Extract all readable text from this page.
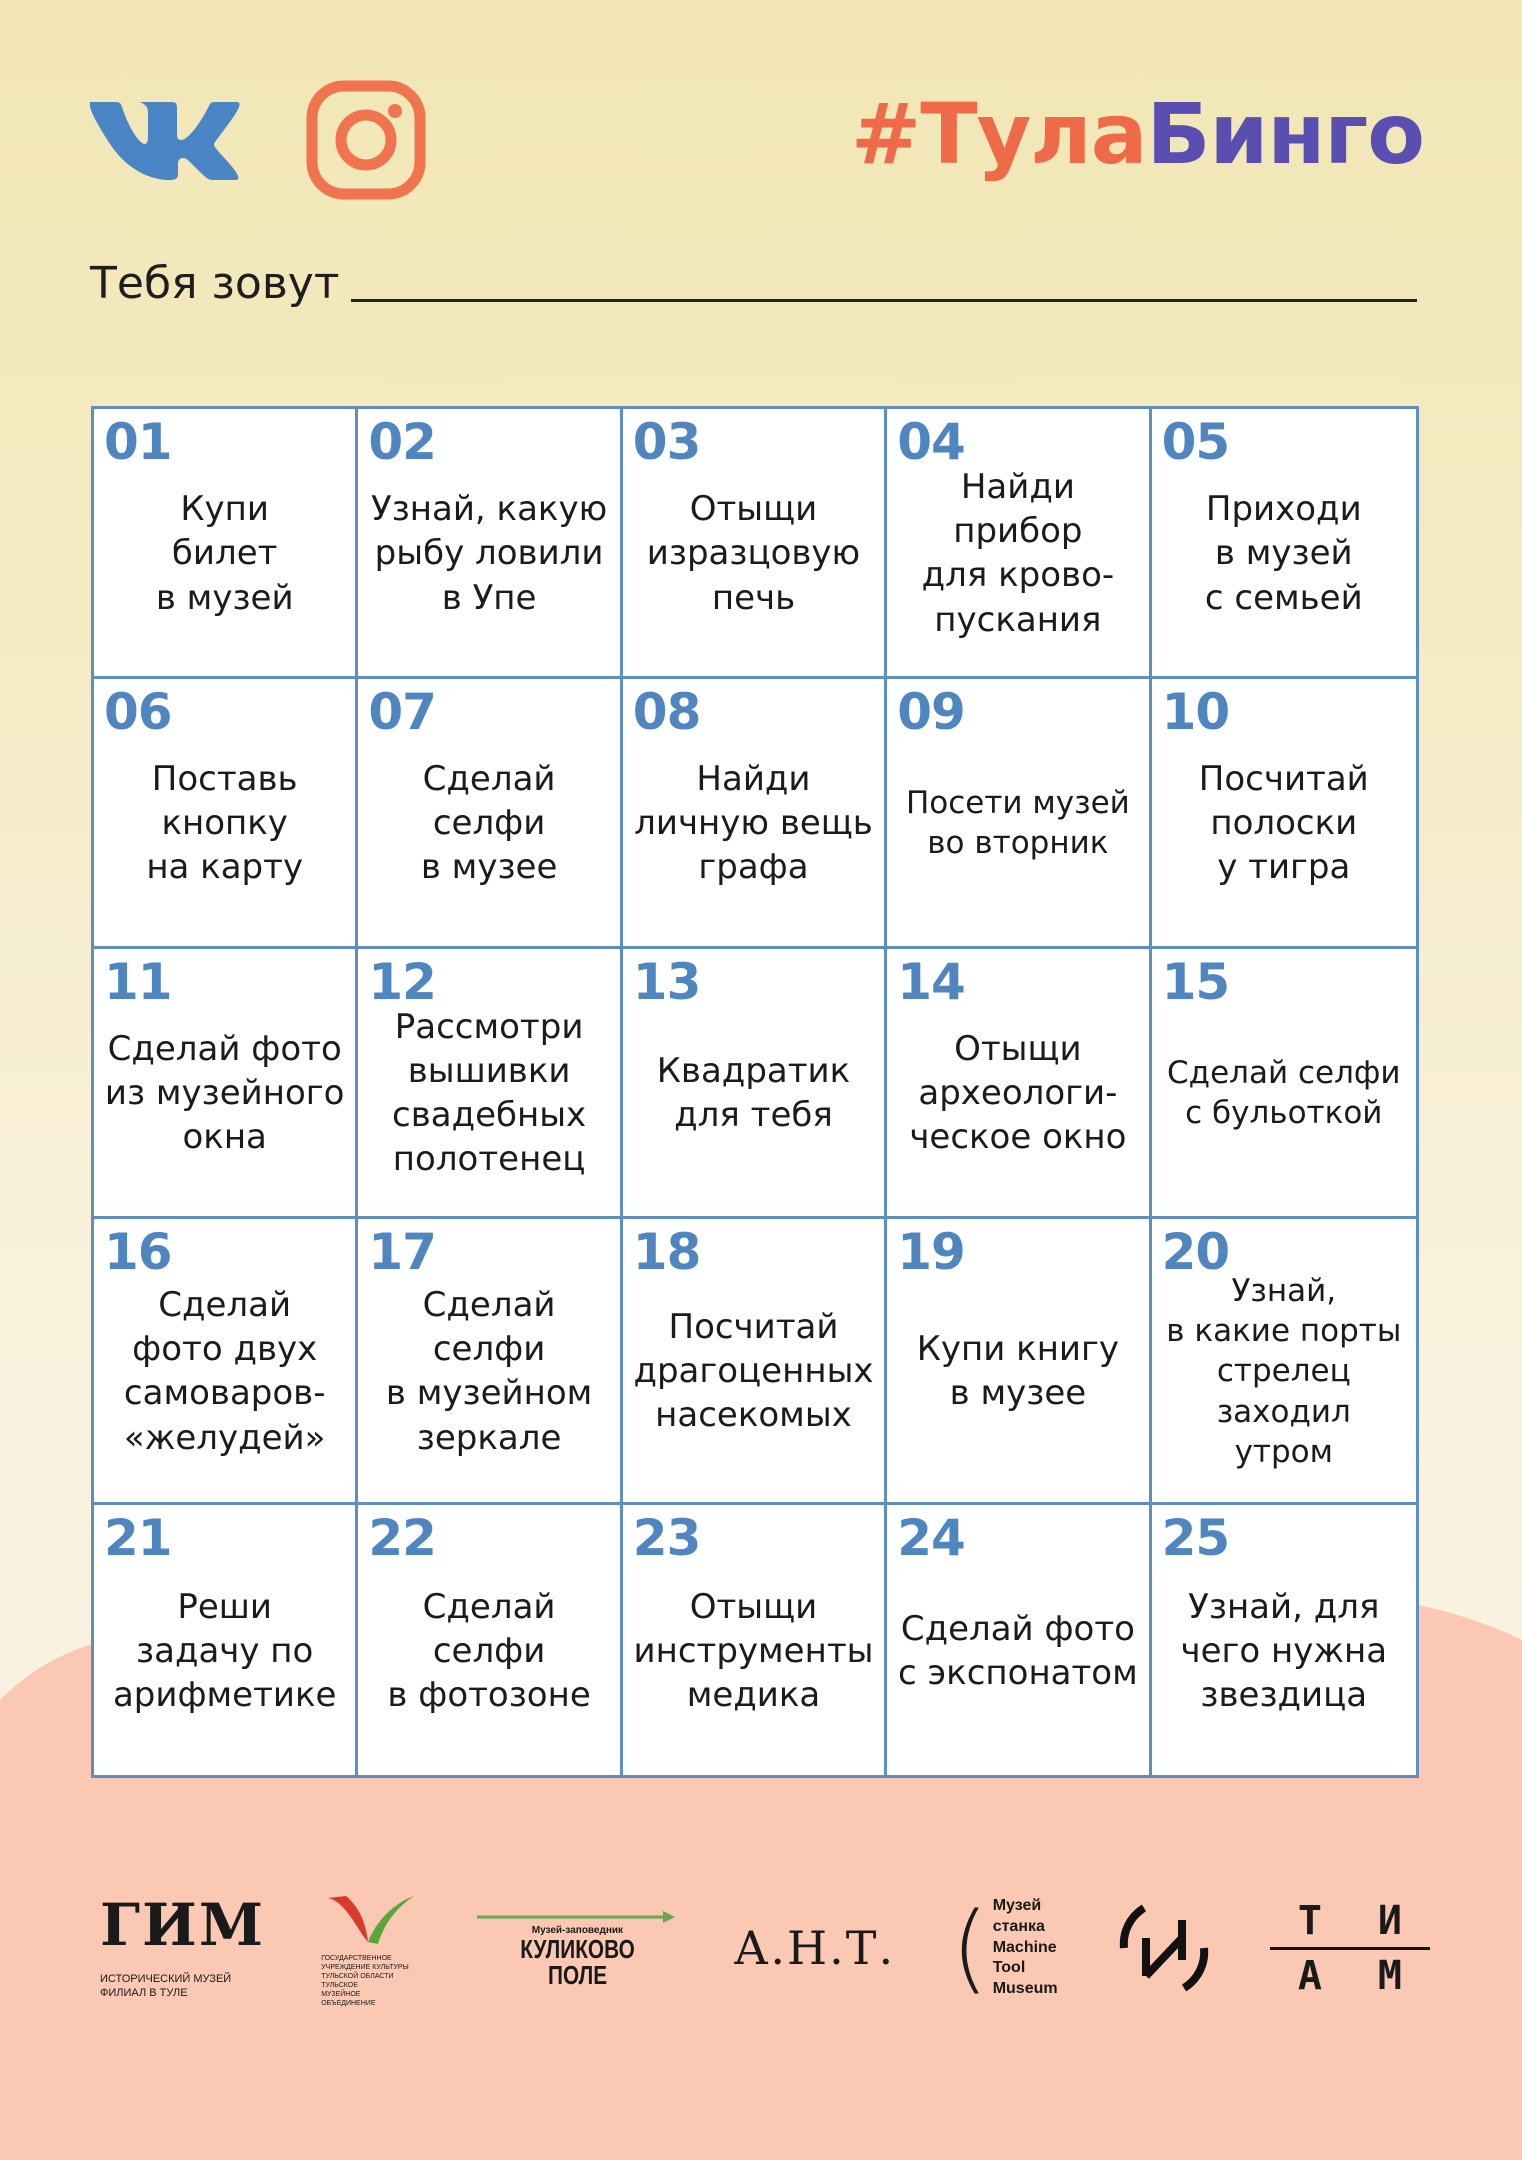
#ТулаБинго
Тебя зовут
01
Купи
билет
в музей
02
Узнай, какую
рыбу ловили
в Упе
03
Отыщи
изразцовую
печь
04
Найди
прибор
для крово-
пускания
05
Приходи
в музей
с семьей
06
Поставь
кнопку
на карту
07
Сделай
селфи
в музее
08
Найди
личную вещь
графа
09
Посети музей
во вторник
10
Посчитай
полоски
у тигра
11
Сделай фото
из музейного
окна
12
Рассмотри
вышивки
свадебных
полотенец
13
Квадратик
для тебя
14
Отыщи
археологи-
ческое окно
15
Сделай селфи
с бульоткой
16
Сделай
фото двух
самоваров-
«желудей»
17
Сделай селфи
в музейном
зеркале
18
Посчитай
драгоценных
насекомых
19
Купи книгу
в музее
20
Узнай,
в какие порты
стрелец
заходил
утром
21
Реши
задачу по
арифметике
22
Сделай селфи
в фотозоне
23
Отыщи
инструменты
медика
24
Сделай фото
с экспонатом
25
Узнай, для
чего нужна
звездица
ГИМ
ИСТОРИЧЕСКИЙ МУЗЕЙ
ФИЛИАЛ В ТУЛЕ
ГОСУДАРСТВЕННОЕ
УЧРЕЖДЕНИЕ КУЛЬТУРЫ
ТУЛЬСКОЙ ОБЛАСТИ
ТУЛЬСКОЕ
МУЗЕЙНОЕ
ОБЪЕДИНЕНИЕ
Музей-заповедник
КУЛИКОВО
ПОЛЕ	А.Н.Т. ( Музей
станка
Machine
Tool
Museum
Т И
А М
